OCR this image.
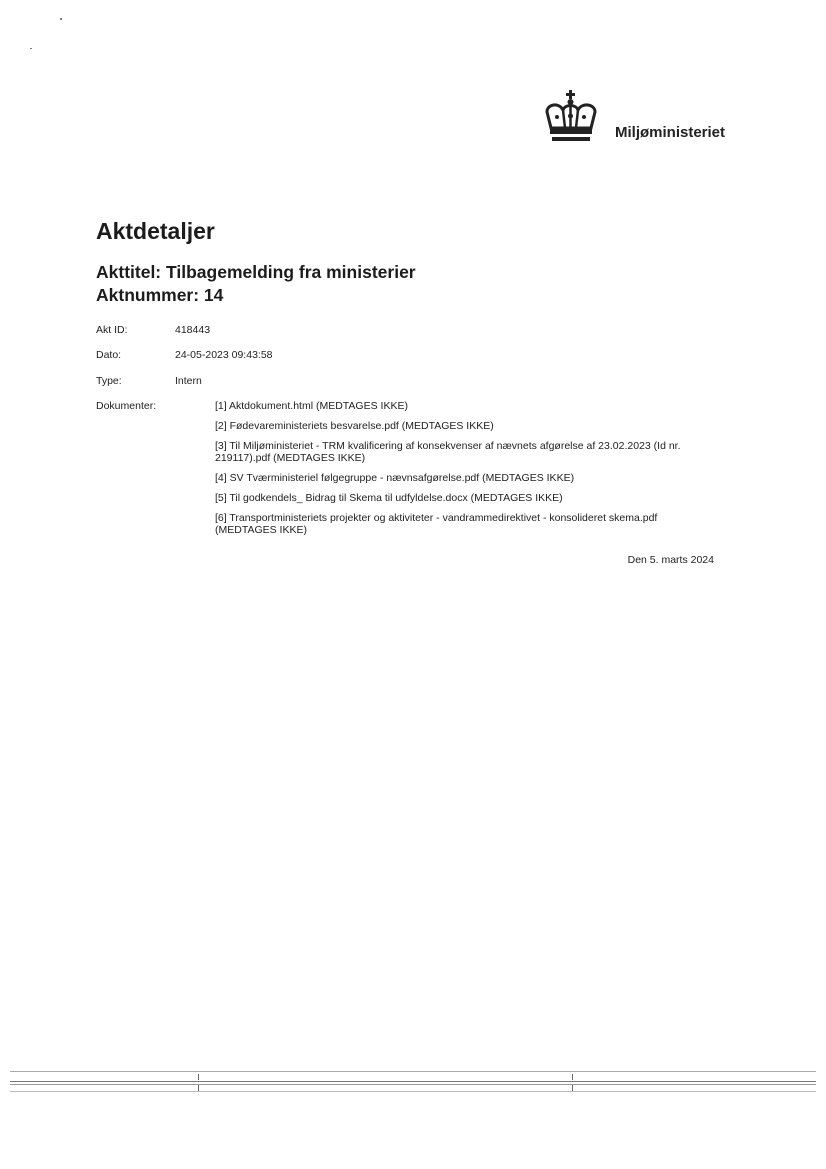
Miljøministeriet
Aktdetaljer
Akttitel: Tilbagemelding fra ministerier
Aktnummer: 14
Akt ID:	418443
Dato:	24-05-2023 09:43:58
Type:	Intern
Dokumenter:	[1] Aktdokument.html (MEDTAGES IKKE)
[2] Fødevareministeriets besvarelse.pdf (MEDTAGES IKKE)
[3] Til Miljøministeriet - TRM kvalificering af konsekvenser af nævnets afgørelse af 23.02.2023 (Id nr. 219117).pdf (MEDTAGES IKKE)
[4] SV Tværministeriel følgegruppe - nævnsafgørelse.pdf (MEDTAGES IKKE)
[5] Til godkendels_ Bidrag til Skema til udfyldelse.docx (MEDTAGES IKKE)
[6] Transportministeriets projekter og aktiviteter - vandrammedirektivet - konsolideret skema.pdf (MEDTAGES IKKE)
Den 5. marts 2024
